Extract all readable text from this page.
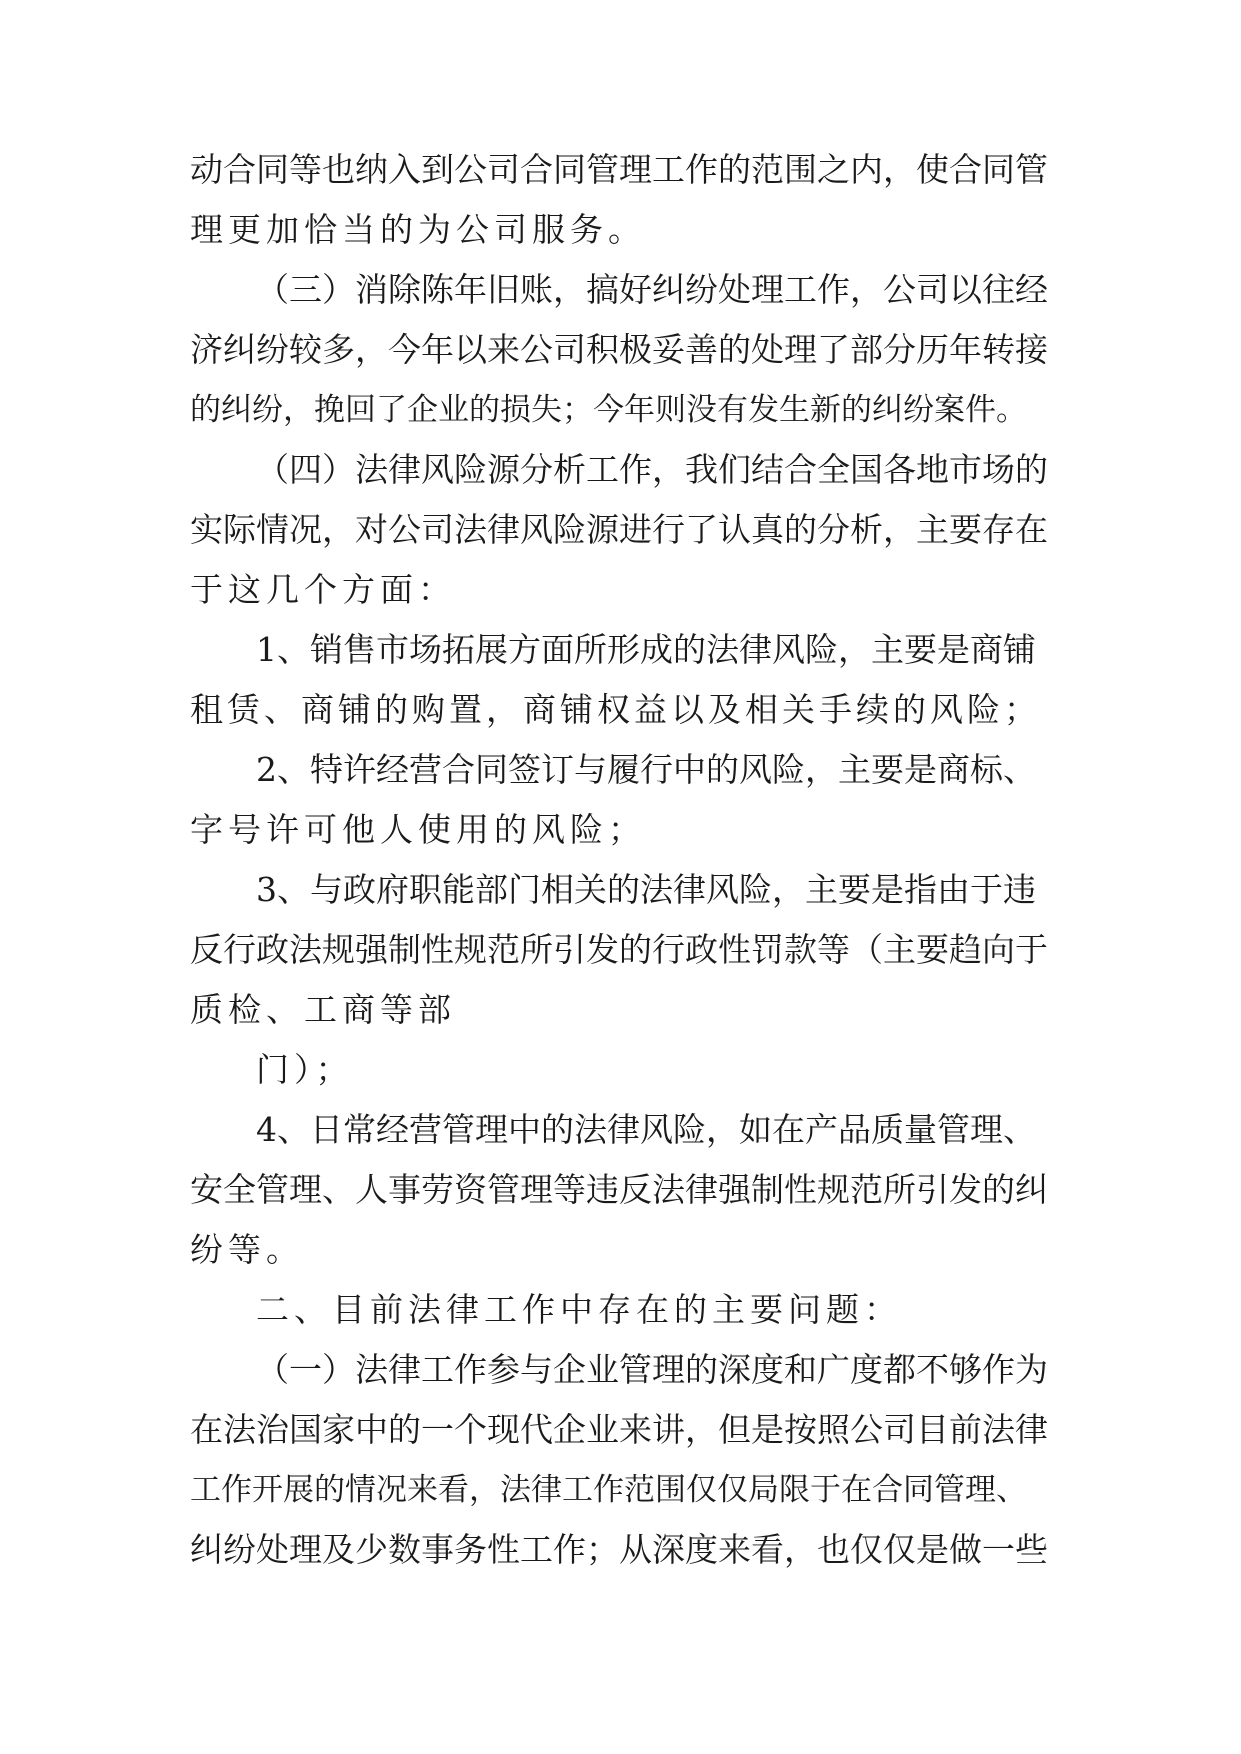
动合同等也纳入到公司合同管理工作的范围之内，使合同管
理更加恰当的为公司服务。
（三）消除陈年旧账，搞好纠纷处理工作，公司以往经
济纠纷较多，今年以来公司积极妥善的处理了部分历年转接
的纠纷，挽回了企业的损失；今年则没有发生新的纠纷案件。
（四）法律风险源分析工作，我们结合全国各地市场的
实际情况，对公司法律风险源进行了认真的分析，主要存在
于这几个方面：
1、销售市场拓展方面所形成的法律风险，主要是商铺
租赁、商铺的购置，商铺权益以及相关手续的风险；
2、特许经营合同签订与履行中的风险，主要是商标、
字号许可他人使用的风险；
3、与政府职能部门相关的法律风险，主要是指由于违
反行政法规强制性规范所引发的行政性罚款等（主要趋向于
质检、工商等部
门）；
4、日常经营管理中的法律风险，如在产品质量管理、
安全管理、人事劳资管理等违反法律强制性规范所引发的纠
纷等。
二、目前法律工作中存在的主要问题：
（一）法律工作参与企业管理的深度和广度都不够作为
在法治国家中的一个现代企业来讲，但是按照公司目前法律
工作开展的情况来看，法律工作范围仅仅局限于在合同管理、
纠纷处理及少数事务性工作；从深度来看，也仅仅是做一些
